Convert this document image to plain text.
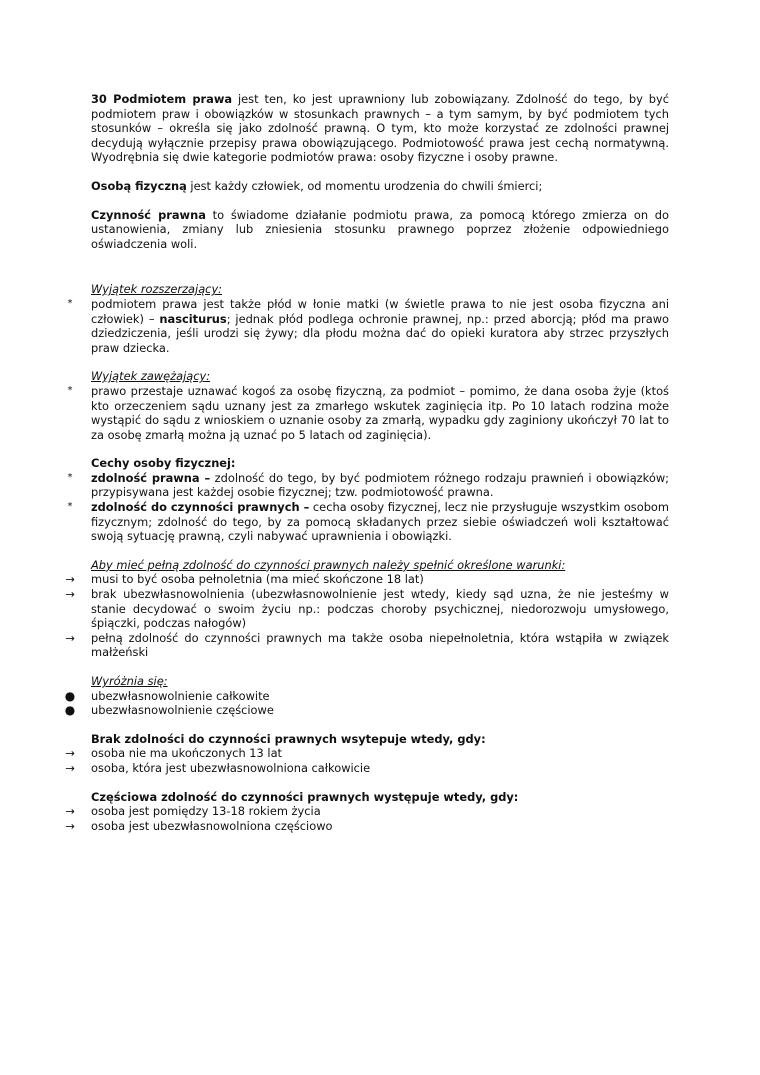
30 Podmiotem prawa jest ten, ko jest uprawniony lub zobowiązany. Zdolność do tego, by być podmiotem praw i obowiązków w stosunkach prawnych – a tym samym, by być podmiotem tych stosunków – określa się jako zdolność prawną. O tym, kto może korzystać ze zdolności prawnej decydują wyłącznie przepisy prawa obowiązującego. Podmiotowość prawa jest cechą normatywną. Wyodrębnia się dwie kategorie podmiotów prawa: osoby fizyczne i osoby prawne.

Osobą fizyczną jest każdy człowiek, od momentu urodzenia do chwili śmierci;

Czynność prawna to świadome działanie podmiotu prawa, za pomocą którego zmierza on do ustanowienia, zmiany lub zniesienia stosunku prawnego poprzez złożenie odpowiedniego oświadczenia woli.

Wyjątek rozszerzający:

*	podmiotem prawa jest także płód w łonie matki (w świetle prawa to nie jest osoba fizyczna ani człowiek) – nasciturus; jednak płód podlega ochronie prawnej, np.: przed aborcją; płód ma prawo dziedziczenia, jeśli urodzi się żywy; dla płodu można dać do opieki kuratora aby strzec przyszłych praw dziecka.

Wyjątek zawężający:

*	prawo przestaje uznawać kogoś za osobę fizyczną, za podmiot – pomimo, że dana osoba żyje (ktoś kto orzeczeniem sądu uznany jest za zmarłego wskutek zaginięcia itp. Po 10 latach rodzina może wystąpić do sądu z wnioskiem o uznanie osoby za zmarłą, wypadku gdy zaginiony ukończył 70 lat to za osobę zmarłą można ją uznać po 5 latach od zaginięcia).

Cechy osoby fizycznej:

*	zdolność prawna – zdolność do tego, by być podmiotem różnego rodzaju prawnień i obowiązków; przypisywana jest każdej osobie fizycznej; tzw. podmiotowość prawna.
*	zdolność do czynności prawnych – cecha osoby fizycznej, lecz nie przysługuje wszystkim osobom fizycznym; zdolność do tego, by za pomocą składanych przez siebie oświadczeń woli kształtować swoją sytuację prawną, czyli nabywać uprawnienia i obowiązki.

Aby mieć pełną zdolność do czynności prawnych należy spełnić określone warunki:

→ musi to być osoba pełnoletnia (ma mieć skończone 18 lat)
→ brak ubezwłasnowolnienia (ubezwłasnowolnienie jest wtedy, kiedy sąd uzna, że nie jesteśmy w stanie decydować o swoim życiu np.: podczas choroby psychicznej, niedorozwoju umysłowego, śpiączki, podczas nałogów)
→ pełną zdolność do czynności prawnych ma także osoba niepełnoletnia, która wstąpiła w związek małżeński

Wyróżnia się:

● ubezwłasnowolnienie całkowite
● ubezwłasnowolnienie częściowe

Brak zdolności do czynności prawnych wsytepuje wtedy, gdy:

→ osoba nie ma ukończonych 13 lat
→ osoba, która jest ubezwłasnowolniona całkowicie

Częściowa zdolność do czynności prawnych występuje wtedy, gdy:

→ osoba jest pomiędzy 13-18 rokiem życia
→ osoba jest ubezwłasnowolniona częściowo
